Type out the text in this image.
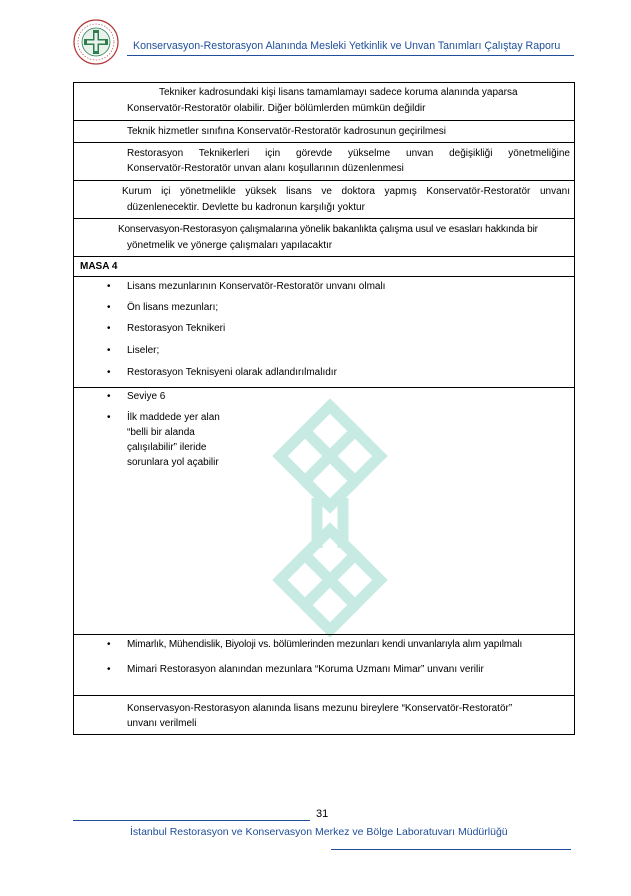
Konservasyon-Restorasyon Alanında Mesleki Yetkinlik ve Unvan Tanımları Çalıştay Raporu
Tekniker kadrosundaki kişi lisans tamamlamayı sadece koruma alanında yaparsa
Konservatör-Restoratör olabilir. Diğer bölümlerden mümkün değildir

Teknik hizmetler sınıfına Konservatör-Restoratör kadrosunun geçirilmesi

Restorasyon Teknikerleri için görevde yükselme unvan değişikliği yönetmeliğine
Konservatör-Restoratör unvan alanı koşullarının düzenlenmesi

Kurum içi yönetmelikle yüksek lisans ve doktora yapmış Konservatör-Restoratör unvanı
düzenlenecektir. Devlette bu kadronun karşılığı yoktur

Konservasyon-Restorasyon çalışmalarına yönelik bakanlıkta çalışma usul ve esasları hakkında bir
yönetmelik ve yönerge çalışmaları yapılacaktır

MASA 4

• Lisans mezunlarının Konservatör-Restoratör unvanı olmalı
• Ön lisans mezunları;
• Restorasyon Teknikeri
• Liseler;
• Restorasyon Teknisyeni olarak adlandırılmalıdır

• Seviye 6
• İlk maddede yer alan
“belli bir alanda
çalışılabilir” ileride
sorunlara yol açabilir

• Mimarlık, Mühendislik, Biyoloji vs. bölümlerinden mezunları kendi unvanlarıyla alım yapılmalı
• Mimari Restorasyon alanından mezunlara “Koruma Uzmanı Mimar” unvanı verilir

Konservasyon-Restorasyon alanında lisans mezunu bireylere “Konservatör-Restoratör”
unvanı verilmeli
31
İstanbul Restorasyon ve Konservasyon Merkez ve Bölge Laboratuvarı Müdürlüğü
